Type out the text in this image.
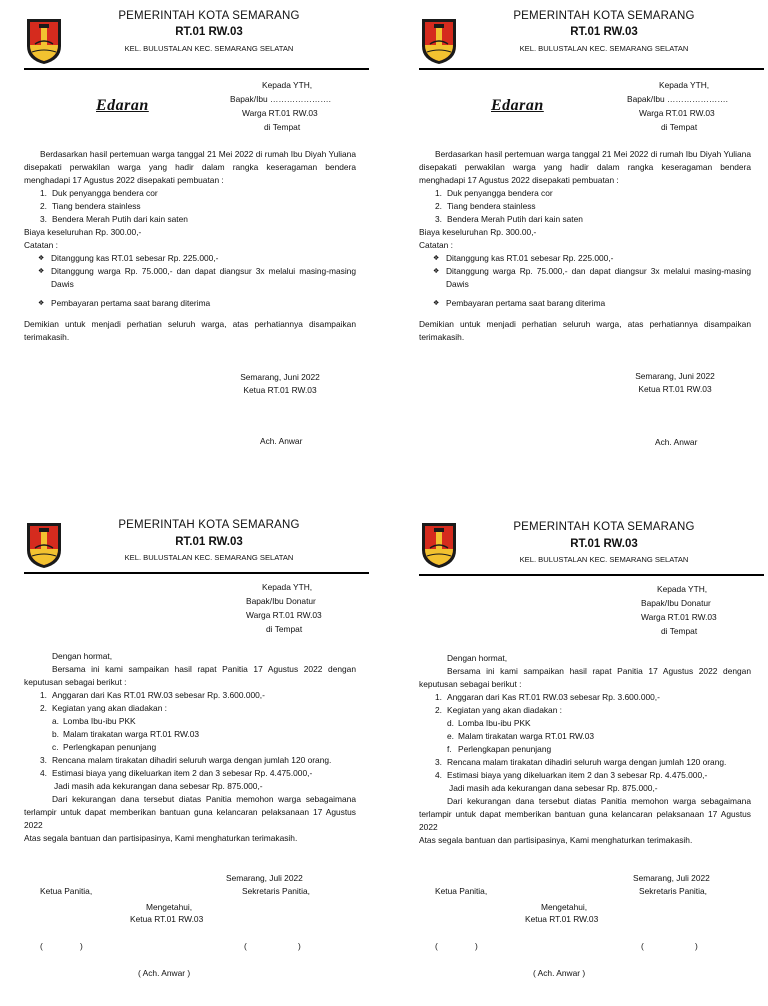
PEMERINTAH KOTA SEMARANG
RT.01 RW.03
KEL. BULUSTALAN KEC. SEMARANG SELATAN
Edaran
Kepada YTH,
Bapak/Ibu ………………….
Warga RT.01 RW.03
di Tempat
Berdasarkan hasil pertemuan warga tanggal 21 Mei 2022 di rumah Ibu Diyah Yuliana disepakati perwakilan warga yang hadir dalam rangka keseragaman bendera menghadapi 17 Agustus 2022 disepakati pembuatan :
1. Duk penyangga bendera cor
2. Tiang bendera stainless
3. Bendera Merah Putih dari kain saten
Biaya keseluruhan Rp. 300.00,-
Catatan :
❖ Ditanggung kas RT.01 sebesar Rp. 225.000,-
❖ Ditanggung warga Rp. 75.000,- dan dapat diangsur 3x melalui masing-masing Dawis
❖ Pembayaran pertama saat barang diterima
Demikian untuk menjadi perhatian seluruh warga, atas perhatiannya disampaikan terimakasih.
Semarang, Juni 2022
Ketua RT.01 RW.03
Ach. Anwar
PEMERINTAH KOTA SEMARANG
RT.01 RW.03
KEL. BULUSTALAN KEC. SEMARANG SELATAN
Edaran
Kepada YTH,
Bapak/Ibu ………………….
Warga RT.01 RW.03
di Tempat
Berdasarkan hasil pertemuan warga tanggal 21 Mei 2022 di rumah Ibu Diyah Yuliana disepakati perwakilan warga yang hadir dalam rangka keseragaman bendera menghadapi 17 Agustus 2022 disepakati pembuatan :
1. Duk penyangga bendera cor
2. Tiang bendera stainless
3. Bendera Merah Putih dari kain saten
Biaya keseluruhan Rp. 300.00,-
Catatan :
❖ Ditanggung kas RT.01 sebesar Rp. 225.000,-
❖ Ditanggung warga Rp. 75.000,- dan dapat diangsur 3x melalui masing-masing Dawis
❖ Pembayaran pertama saat barang diterima
Demikian untuk menjadi perhatian seluruh warga, atas perhatiannya disampaikan terimakasih.
Semarang, Juni 2022
Ketua RT.01 RW.03
Ach. Anwar
PEMERINTAH KOTA SEMARANG
RT.01 RW.03
KEL. BULUSTALAN KEC. SEMARANG SELATAN
Kepada YTH,
Bapak/Ibu Donatur
Warga RT.01 RW.03
di Tempat
Dengan hormat,
Bersama ini kami sampaikan hasil rapat Panitia 17 Agustus 2022 dengan keputusan sebagai berikut :
1. Anggaran dari Kas RT.01 RW.03 sebesar Rp. 3.600.000,-
2. Kegiatan yang akan diadakan :
a. Lomba Ibu-ibu PKK
b. Malam tirakatan warga RT.01 RW.03
c. Perlengkapan penunjang
3. Rencana malam tirakatan dihadiri seluruh warga dengan jumlah 120 orang.
4. Estimasi biaya yang dikeluarkan item 2 dan 3 sebesar Rp. 4.475.000,-
Jadi masih ada kekurangan dana sebesar Rp. 875.000,-
Dari kekurangan dana tersebut diatas Panitia memohon warga sebagaimana terlampir untuk dapat memberikan bantuan guna kelancaran pelaksanaan 17 Agustus 2022
Atas segala bantuan dan partisipasinya, Kami menghaturkan terimakasih.
Semarang, Juli 2022
Ketua Panitia,	Sekretaris Panitia,
Mengetahui,
Ketua RT.01 RW.03
(                )	(                      )
( Ach. Anwar )
PEMERINTAH KOTA SEMARANG
RT.01 RW.03
KEL. BULUSTALAN KEC. SEMARANG SELATAN
Kepada YTH,
Bapak/Ibu Donatur
Warga RT.01 RW.03
di Tempat
Dengan hormat,
Bersama ini kami sampaikan hasil rapat Panitia 17 Agustus 2022 dengan keputusan sebagai berikut :
1. Anggaran dari Kas RT.01 RW.03 sebesar Rp. 3.600.000,-
2. Kegiatan yang akan diadakan :
d. Lomba Ibu-ibu PKK
e. Malam tirakatan warga RT.01 RW.03
f. Perlengkapan penunjang
3. Rencana malam tirakatan dihadiri seluruh warga dengan jumlah 120 orang.
4. Estimasi biaya yang dikeluarkan item 2 dan 3 sebesar Rp. 4.475.000,-
Jadi masih ada kekurangan dana sebesar Rp. 875.000,-
Dari kekurangan dana tersebut diatas Panitia memohon warga sebagaimana terlampir untuk dapat memberikan bantuan guna kelancaran pelaksanaan 17 Agustus 2022
Atas segala bantuan dan partisipasinya, Kami menghaturkan terimakasih.
Semarang, Juli 2022
Ketua Panitia,	Sekretaris Panitia,
Mengetahui,
Ketua RT.01 RW.03
(                )	(                      )
( Ach. Anwar )
